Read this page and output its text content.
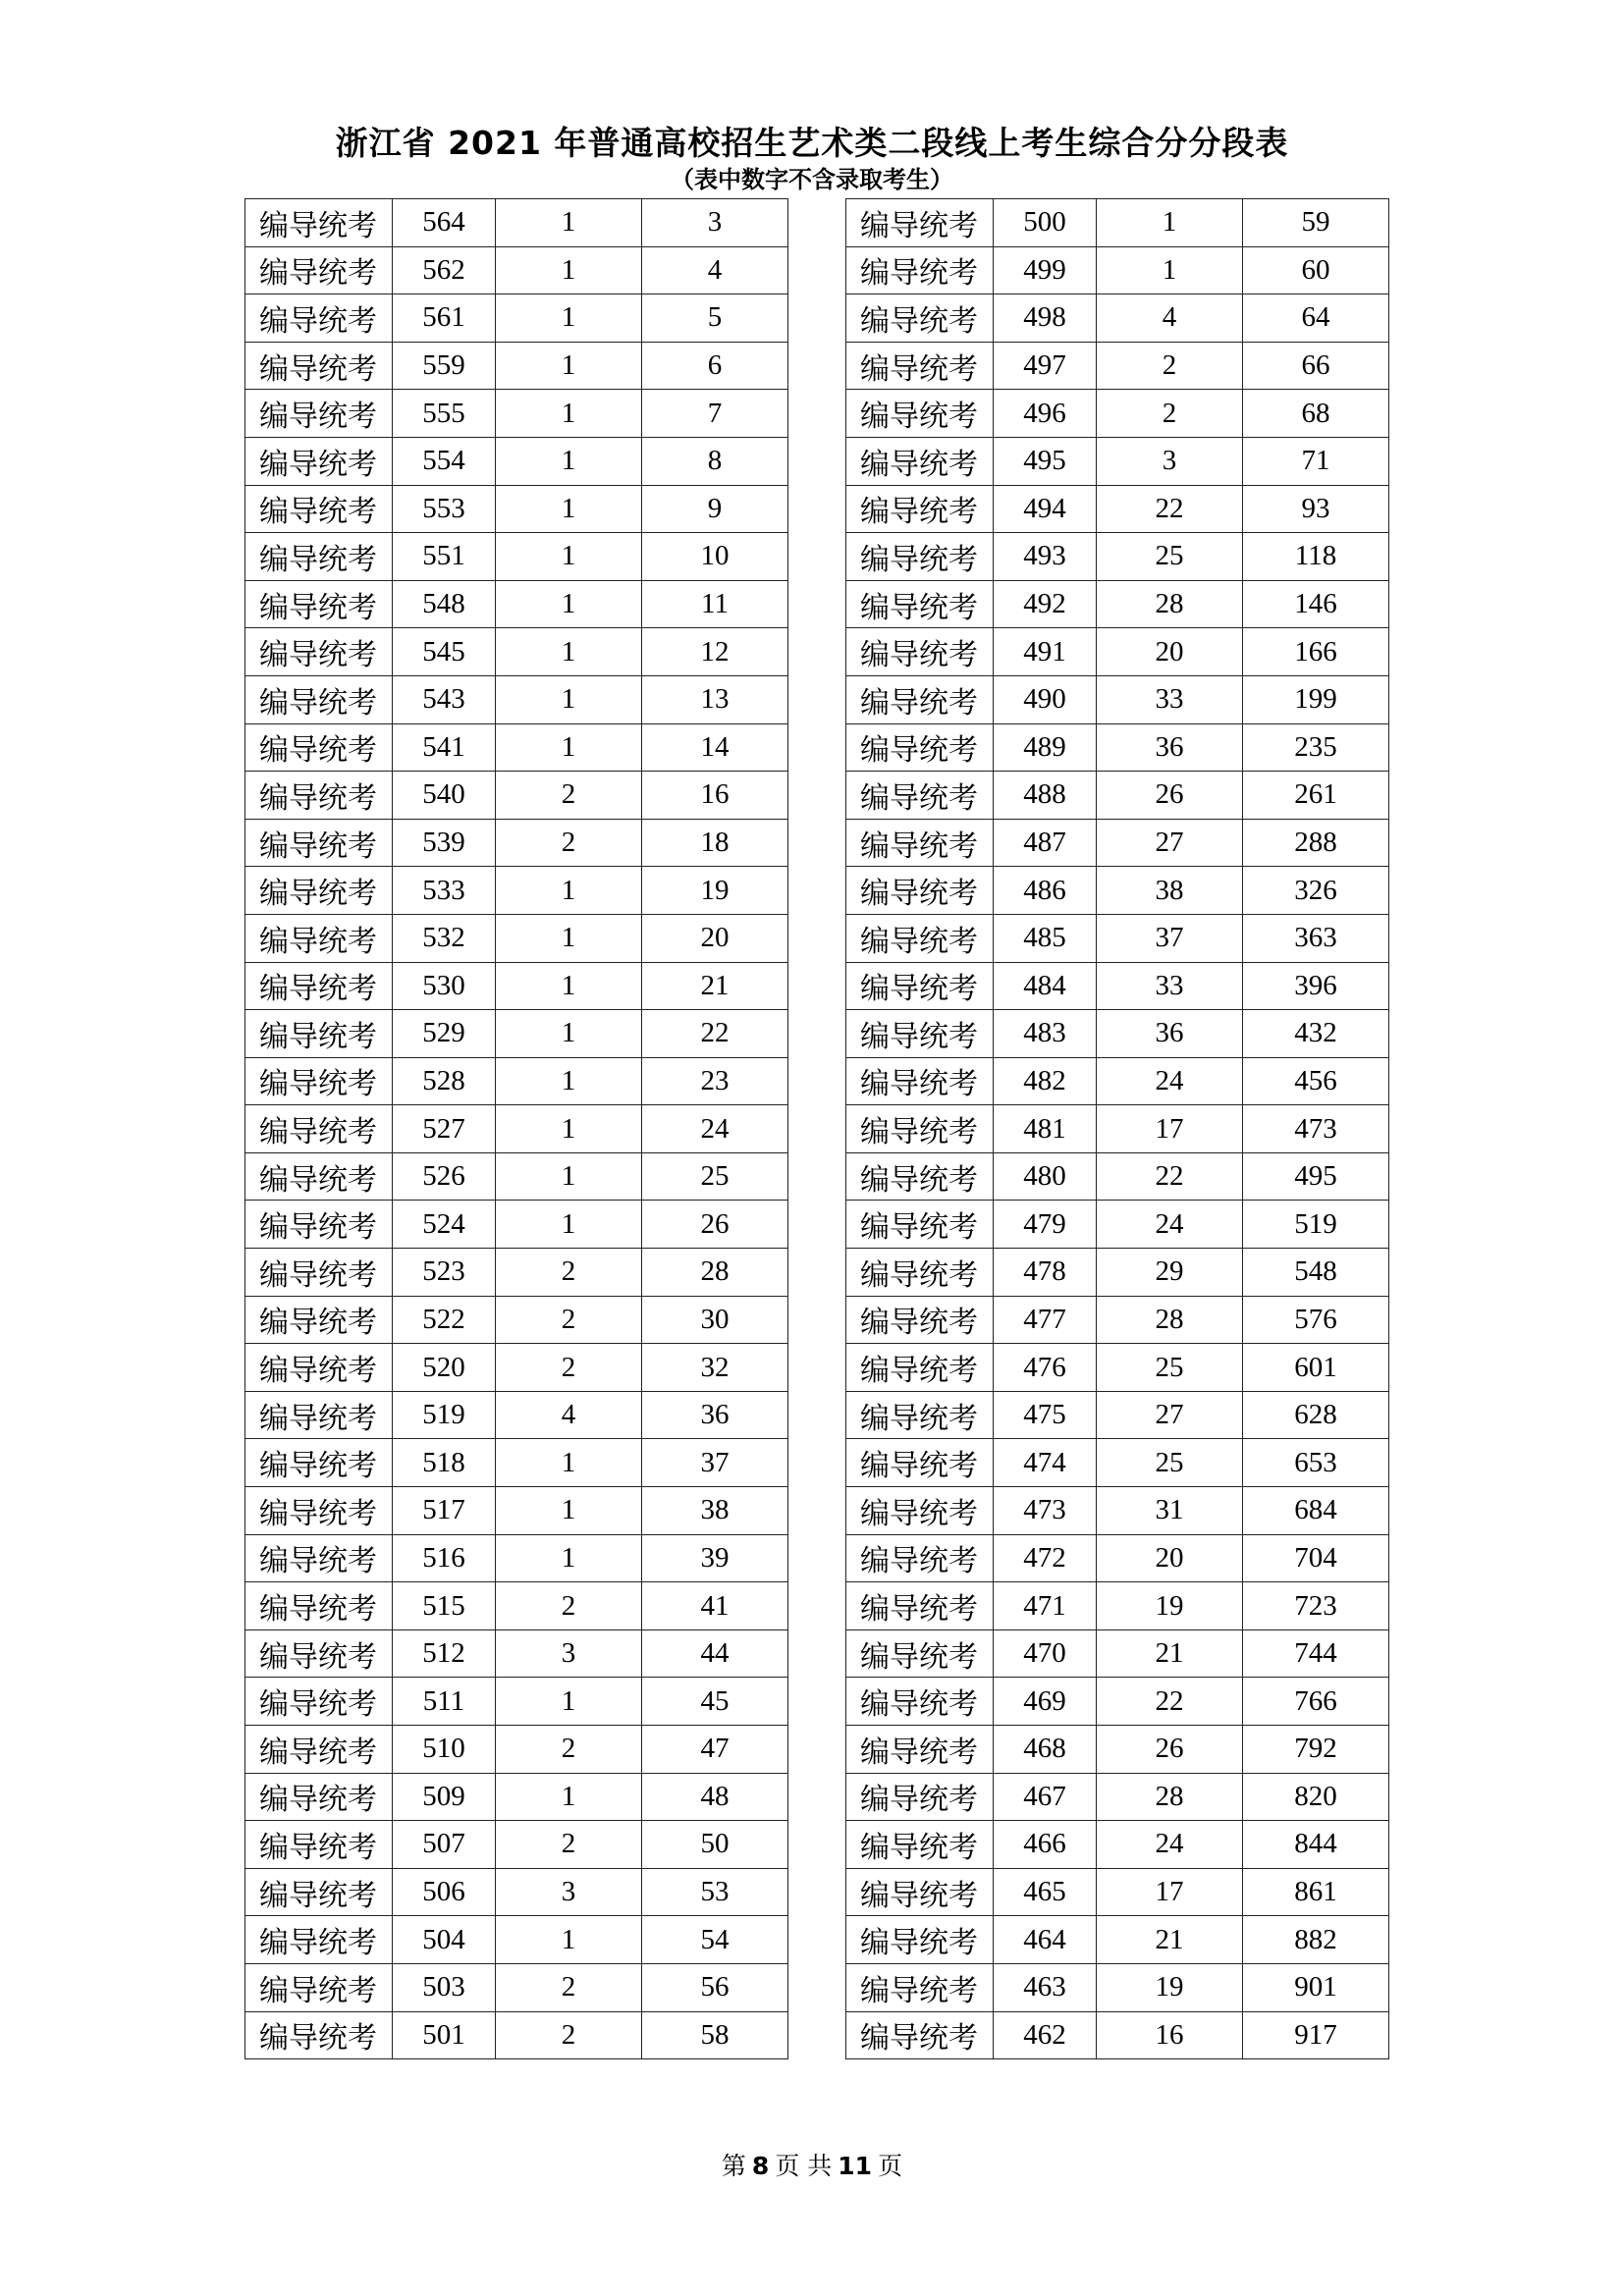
浙江省 2021 年普通高校招生艺术类二段线上考生综合分分段表
（表中数字不含录取考生）
编导统考	564	1	3
编导统考	562	1	4
编导统考	561	1	5
编导统考	559	1	6
编导统考	555	1	7
编导统考	554	1	8
编导统考	553	1	9
编导统考	551	1	10
编导统考	548	1	11
编导统考	545	1	12
编导统考	543	1	13
编导统考	541	1	14
编导统考	540	2	16
编导统考	539	2	18
编导统考	533	1	19
编导统考	532	1	20
编导统考	530	1	21
编导统考	529	1	22
编导统考	528	1	23
编导统考	527	1	24
编导统考	526	1	25
编导统考	524	1	26
编导统考	523	2	28
编导统考	522	2	30
编导统考	520	2	32
编导统考	519	4	36
编导统考	518	1	37
编导统考	517	1	38
编导统考	516	1	39
编导统考	515	2	41
编导统考	512	3	44
编导统考	511	1	45
编导统考	510	2	47
编导统考	509	1	48
编导统考	507	2	50
编导统考	506	3	53
编导统考	504	1	54
编导统考	503	2	56
编导统考	501	2	58
编导统考	500	1	59
编导统考	499	1	60
编导统考	498	4	64
编导统考	497	2	66
编导统考	496	2	68
编导统考	495	3	71
编导统考	494	22	93
编导统考	493	25	118
编导统考	492	28	146
编导统考	491	20	166
编导统考	490	33	199
编导统考	489	36	235
编导统考	488	26	261
编导统考	487	27	288
编导统考	486	38	326
编导统考	485	37	363
编导统考	484	33	396
编导统考	483	36	432
编导统考	482	24	456
编导统考	481	17	473
编导统考	480	22	495
编导统考	479	24	519
编导统考	478	29	548
编导统考	477	28	576
编导统考	476	25	601
编导统考	475	27	628
编导统考	474	25	653
编导统考	473	31	684
编导统考	472	20	704
编导统考	471	19	723
编导统考	470	21	744
编导统考	469	22	766
编导统考	468	26	792
编导统考	467	28	820
编导统考	466	24	844
编导统考	465	17	861
编导统考	464	21	882
编导统考	463	19	901
编导统考	462	16	917
第 8 页 共 11 页
